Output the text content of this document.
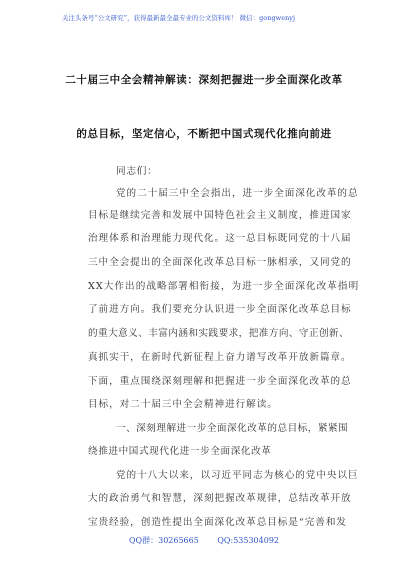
关注头条号“公文研究”，获得最新最全最专业的公文资料库！ 微信：gongwenyj
二十届三中全会精神解读：深刻把握进一步全面深化改革
的总目标，坚定信心，不断把中国式现代化推向前进
同志们：
党的二十届三中全会指出，进一步全面深化改革的总
目标是继续完善和发展中国特色社会主义制度，推进国家
治理体系和治理能力现代化。这一总目标既同党的十八届
三中全会提出的全面深化改革总目标一脉相承，又同党的
XX大作出的战略部署相衔接，为进一步全面深化改革指明
了前进方向。我们要充分认识进一步全面深化改革总目标
的重大意义、丰富内涵和实践要求，把准方向、守正创新、
真抓实干，在新时代新征程上奋力谱写改革开放新篇章。
下面，重点围绕深刻理解和把握进一步全面深化改革的总
目标，对二十届三中全会精神进行解读。
一、深刻理解进一步全面深化改革的总目标，紧紧围
绕推进中国式现代化进一步全面深化改革
党的十八大以来，以习近平同志为核心的党中央以巨
大的政治勇气和智慧，深刻把握改革规律，总结改革开放
宝贵经验，创造性提出全面深化改革总目标是“完善和发
QQ群：30265665 QQ:535304092
